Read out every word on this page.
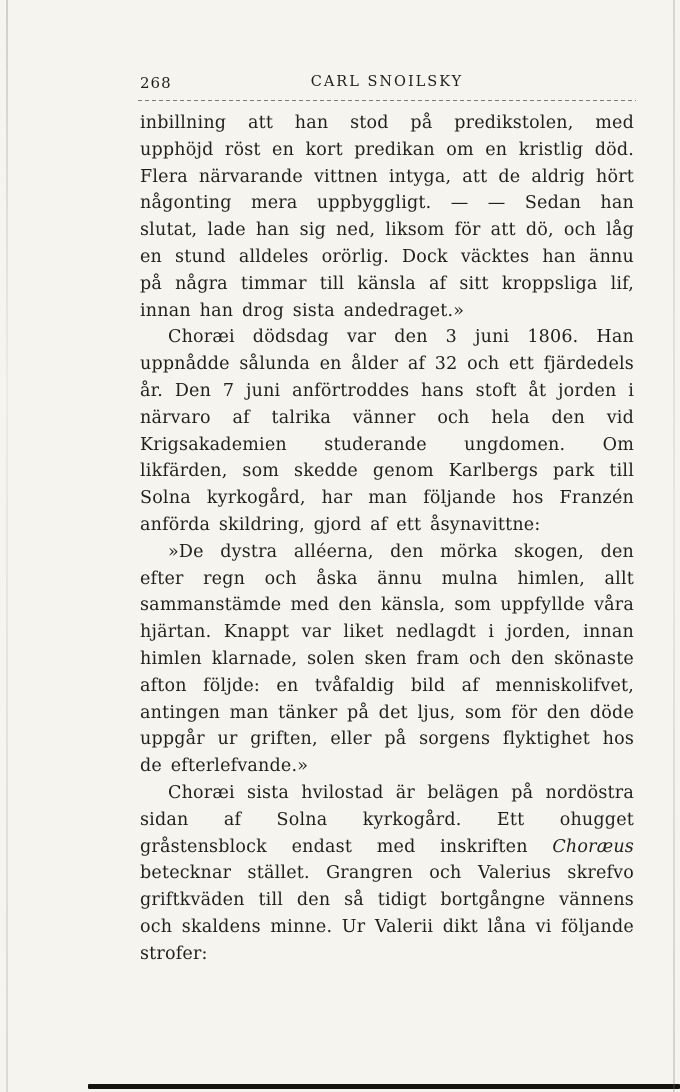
268	CARL SNOILSKY

inbillning att han stod på predikstolen, med upphöjd röst en kort predikan om en kristlig död. Flera närvarande vittnen intyga, att de aldrig hört någonting mera uppbyggligt. — — Sedan han slutat, lade han sig ned, liksom för att dö, och låg en stund alldeles orörlig. Dock väcktes han ännu på några timmar till känsla af sitt kroppsliga lif, innan han drog sista andedraget.»

Choræi dödsdag var den 3 juni 1806. Han uppnådde sålunda en ålder af 32 och ett fjärdedels år. Den 7 juni anförtroddes hans stoft åt jorden i närvaro af talrika vänner och hela den vid Krigsakademien studerande ungdomen. Om likfärden, som skedde genom Karlbergs park till Solna kyrkogård, har man följande hos Franzén anförda skildring, gjord af ett åsynavittne:

»De dystra alléerna, den mörka skogen, den efter regn och åska ännu mulna himlen, allt sammanstämde med den känsla, som uppfyllde våra hjärtan. Knappt var liket nedlagdt i jorden, innan himlen klarnade, solen sken fram och den skönaste afton följde: en tvåfaldig bild af menniskolifvet, antingen man tänker på det ljus, som för den döde uppgår ur griften, eller på sorgens flyktighet hos de efterlefvande.»

Choræi sista hvilostad är belägen på nordöstra sidan af Solna kyrkogård. Ett ohugget gråstensblock endast med inskriften Choræus betecknar stället. Grangren och Valerius skrefvo griftkväden till den så tidigt bortgångne vännens och skaldens minne. Ur Valerii dikt låna vi följande strofer:
